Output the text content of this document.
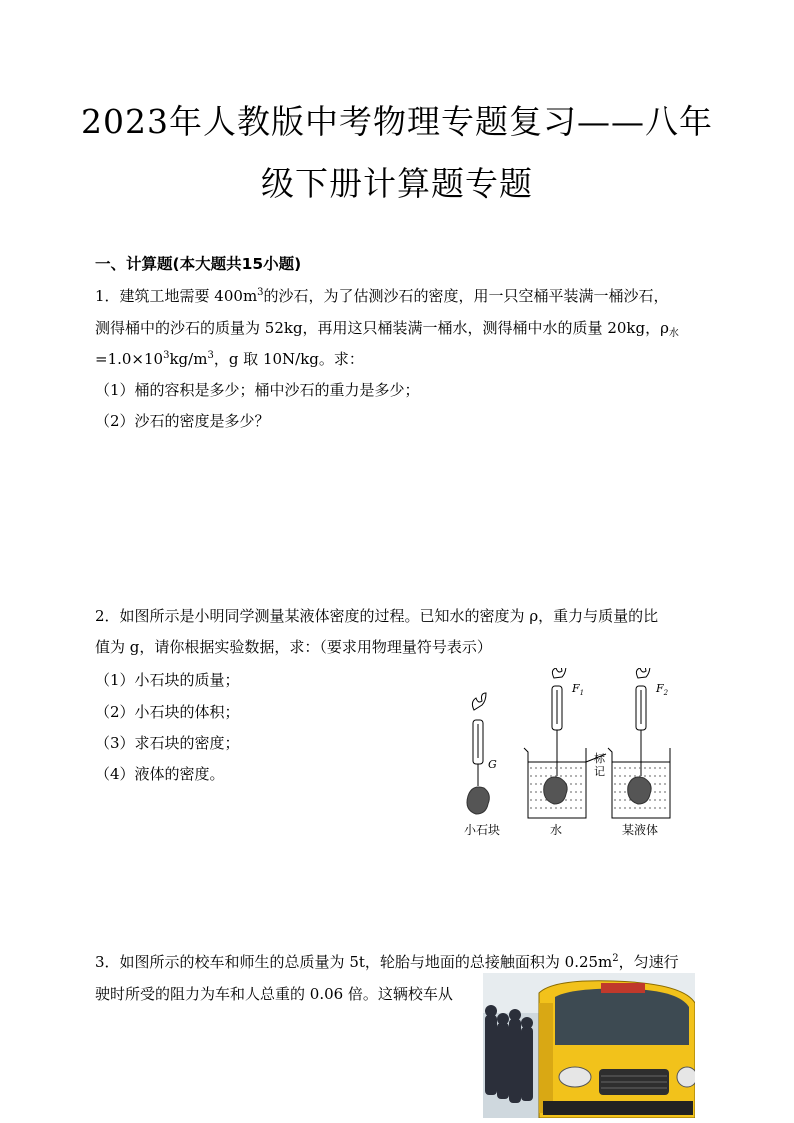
2023年人教版中考物理专题复习——八年
级下册计算题专题
一、计算题(本大题共15小题)
1．建筑工地需要 $400m^3$的沙石，为了估测沙石的密度，用一只空桶平装满一桶沙石，
测得桶中的沙石的质量为 52kg，再用这只桶装满一桶水，测得桶中水的质量 20kg，$\rho_水$
$=1.0\times 10^3kg/m^3$，g 取 10N/kg。求：
（1）桶的容积是多少；桶中沙石的重力是多少；
（2）沙石的密度是多少？
2．如图所示是小明同学测量某液体密度的过程。已知水的密度为 ρ，重力与质量的比
值为 g，请你根据实验数据，求：（要求用物理量符号表示）
（1）小石块的质量；
（2）小石块的体积；
（3）求石块的密度；
（4）液体的密度。
G
$F_1$	$F_2$
标
记
小石块	水	某液体
3．如图所示的校车和师生的总质量为 5t，轮胎与地面的总接触面积为 $0.25m^2$，匀速行
驶时所受的阻力为车和人总重的 0.06 倍。这辆校车从
